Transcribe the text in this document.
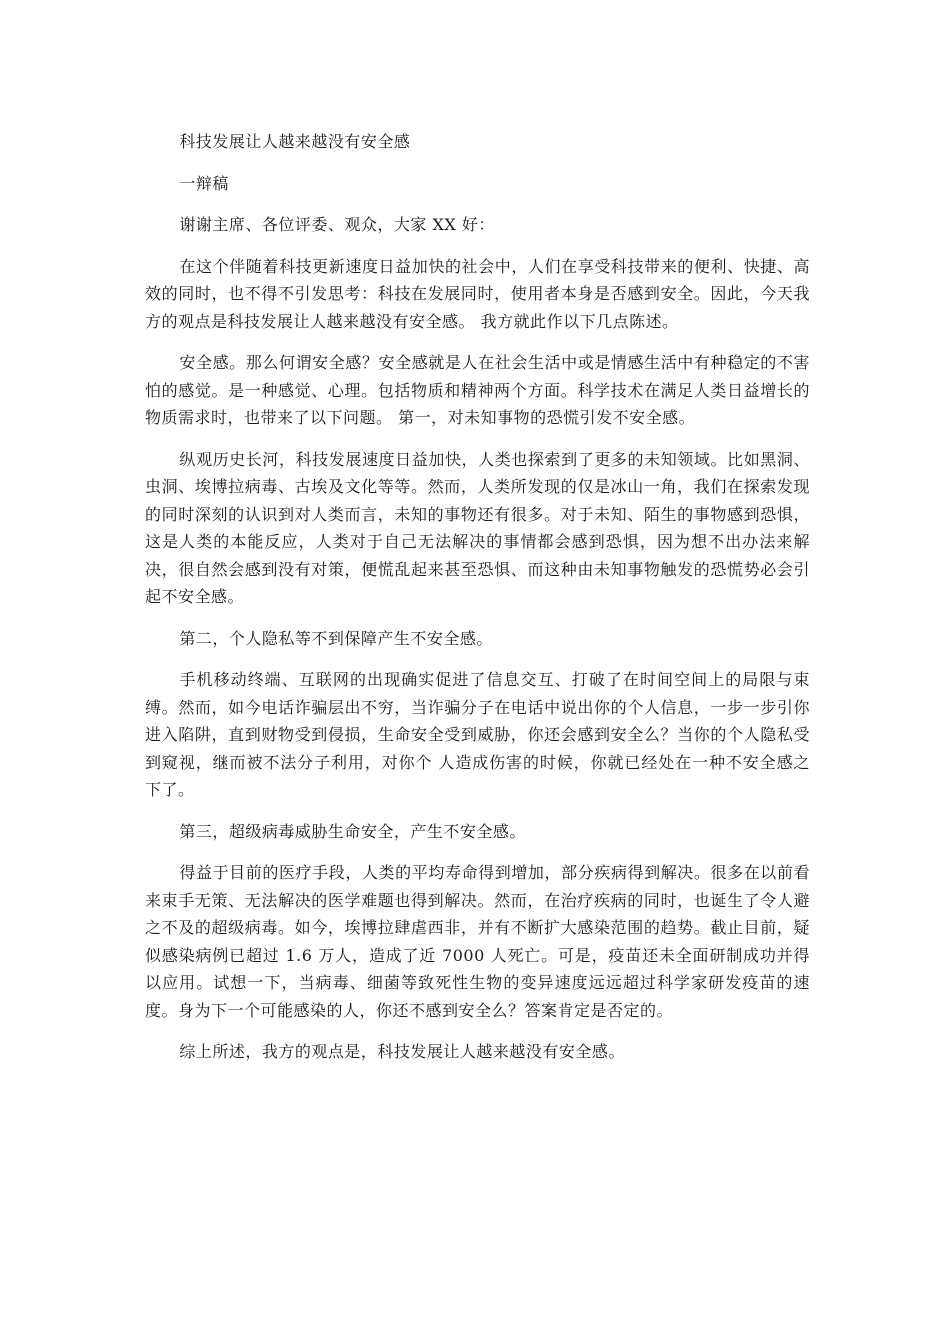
科技发展让人越来越没有安全感
一辩稿
谢谢主席、各位评委、观众，大家 XX 好：
在这个伴随着科技更新速度日益加快的社会中，人们在享受科技带来的便利、快捷、高效的同时，也不得不引发思考：科技在发展同时，使用者本身是否感到安全。因此，今天我方的观点是科技发展让人越来越没有安全感。 我方就此作以下几点陈述。
安全感。那么何谓安全感？安全感就是人在社会生活中或是情感生活中有种稳定的不害怕的感觉。是一种感觉、心理。包括物质和精神两个方面。科学技术在满足人类日益增长的物质需求时，也带来了以下问题。 第一，对未知事物的恐慌引发不安全感。
纵观历史长河，科技发展速度日益加快，人类也探索到了更多的未知领域。比如黑洞、虫洞、埃博拉病毒、古埃及文化等等。然而，人类所发现的仅是冰山一角，我们在探索发现的同时深刻的认识到对人类而言，未知的事物还有很多。对于未知、陌生的事物感到恐惧，这是人类的本能反应，人类对于自己无法解决的事情都会感到恐惧，因为想不出办法来解决，很自然会感到没有对策，便慌乱起来甚至恐惧、而这种由未知事物触发的恐慌势必会引起不安全感。
第二，个人隐私等不到保障产生不安全感。
手机移动终端、互联网的出现确实促进了信息交互、打破了在时间空间上的局限与束缚。然而，如今电话诈骗层出不穷，当诈骗分子在电话中说出你的个人信息，一步一步引你进入陷阱，直到财物受到侵损，生命安全受到威胁，你还会感到安全么？当你的个人隐私受到窥视，继而被不法分子利用，对你个 人造成伤害的时候，你就已经处在一种不安全感之下了。
第三，超级病毒威胁生命安全，产生不安全感。
得益于目前的医疗手段，人类的平均寿命得到增加，部分疾病得到解决。很多在以前看来束手无策、无法解决的医学难题也得到解决。然而，在治疗疾病的同时，也诞生了令人避之不及的超级病毒。如今，埃博拉肆虐西非，并有不断扩大感染范围的趋势。截止目前，疑似感染病例已超过 1.6 万人，造成了近 7000 人死亡。可是，疫苗还未全面研制成功并得以应用。试想一下，当病毒、细菌等致死性生物的变异速度远远超过科学家研发疫苗的速度。身为下一个可能感染的人，你还不感到安全么？答案肯定是否定的。
综上所述，我方的观点是，科技发展让人越来越没有安全感。
